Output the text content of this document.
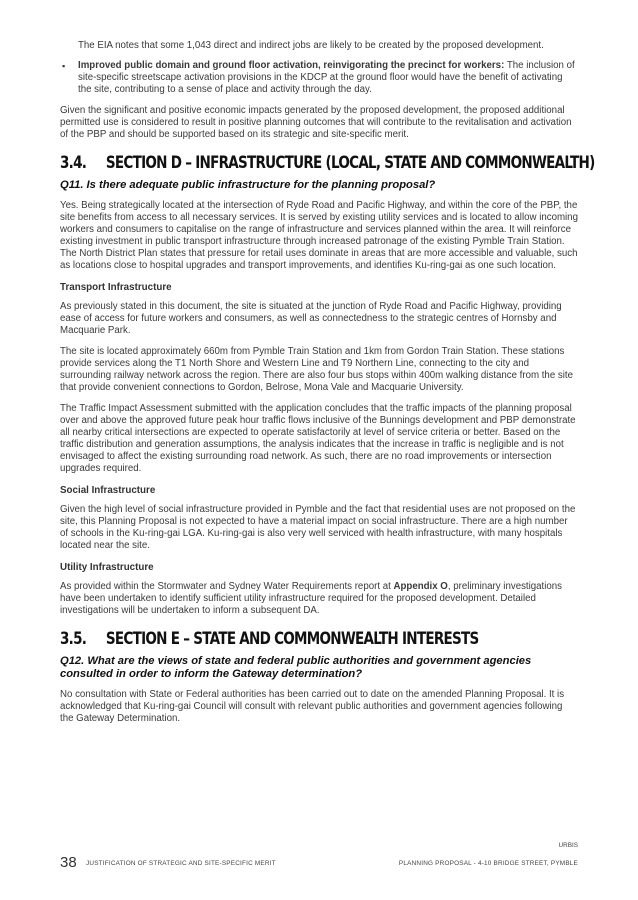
The EIA notes that some 1,043 direct and indirect jobs are likely to be created by the proposed development.

▪ Improved public domain and ground floor activation, reinvigorating the precinct for workers: The inclusion of site-specific streetscape activation provisions in the KDCP at the ground floor would have the benefit of activating the site, contributing to a sense of place and activity through the day.

Given the significant and positive economic impacts generated by the proposed development, the proposed additional permitted use is considered to result in positive planning outcomes that will contribute to the revitalisation and activation of the PBP and should be supported based on its strategic and site-specific merit.

3.4. SECTION D – INFRASTRUCTURE (LOCAL, STATE AND COMMONWEALTH)
Q11. Is there adequate public infrastructure for the planning proposal?

Yes. Being strategically located at the intersection of Ryde Road and Pacific Highway, and within the core of the PBP, the site benefits from access to all necessary services. It is served by existing utility services and is located to allow incoming workers and consumers to capitalise on the range of infrastructure and services planned within the area. It will reinforce existing investment in public transport infrastructure through increased patronage of the existing Pymble Train Station. The North District Plan states that pressure for retail uses dominate in areas that are more accessible and valuable, such as locations close to hospital upgrades and transport improvements, and identifies Ku-ring-gai as one such location.

Transport Infrastructure

As previously stated in this document, the site is situated at the junction of Ryde Road and Pacific Highway, providing ease of access for future workers and consumers, as well as connectedness to the strategic centres of Hornsby and Macquarie Park.

The site is located approximately 660m from Pymble Train Station and 1km from Gordon Train Station. These stations provide services along the T1 North Shore and Western Line and T9 Northern Line, connecting to the city and surrounding railway network across the region. There are also four bus stops within 400m walking distance from the site that provide convenient connections to Gordon, Belrose, Mona Vale and Macquarie University.

The Traffic Impact Assessment submitted with the application concludes that the traffic impacts of the planning proposal over and above the approved future peak hour traffic flows inclusive of the Bunnings development and PBP demonstrate all nearby critical intersections are expected to operate satisfactorily at level of service criteria or better. Based on the traffic distribution and generation assumptions, the analysis indicates that the increase in traffic is negligible and is not envisaged to affect the existing surrounding road network. As such, there are no road improvements or intersection upgrades required.

Social Infrastructure

Given the high level of social infrastructure provided in Pymble and the fact that residential uses are not proposed on the site, this Planning Proposal is not expected to have a material impact on social infrastructure. There are a high number of schools in the Ku-ring-gai LGA. Ku-ring-gai is also very well serviced with health infrastructure, with many hospitals located near the site.

Utility Infrastructure

As provided within the Stormwater and Sydney Water Requirements report at Appendix O, preliminary investigations have been undertaken to identify sufficient utility infrastructure required for the proposed development. Detailed investigations will be undertaken to inform a subsequent DA.

3.5. SECTION E – STATE AND COMMONWEALTH INTERESTS
Q12. What are the views of state and federal public authorities and government agencies consulted in order to inform the Gateway determination?

No consultation with State or Federal authorities has been carried out to date on the amended Planning Proposal. It is acknowledged that Ku-ring-gai Council will consult with relevant public authorities and government agencies following the Gateway Determination.

38 JUSTIFICATION OF STRATEGIC AND SITE-SPECIFIC MERIT
URBIS
PLANNING PROPOSAL - 4-10 BRIDGE STREET, PYMBLE
